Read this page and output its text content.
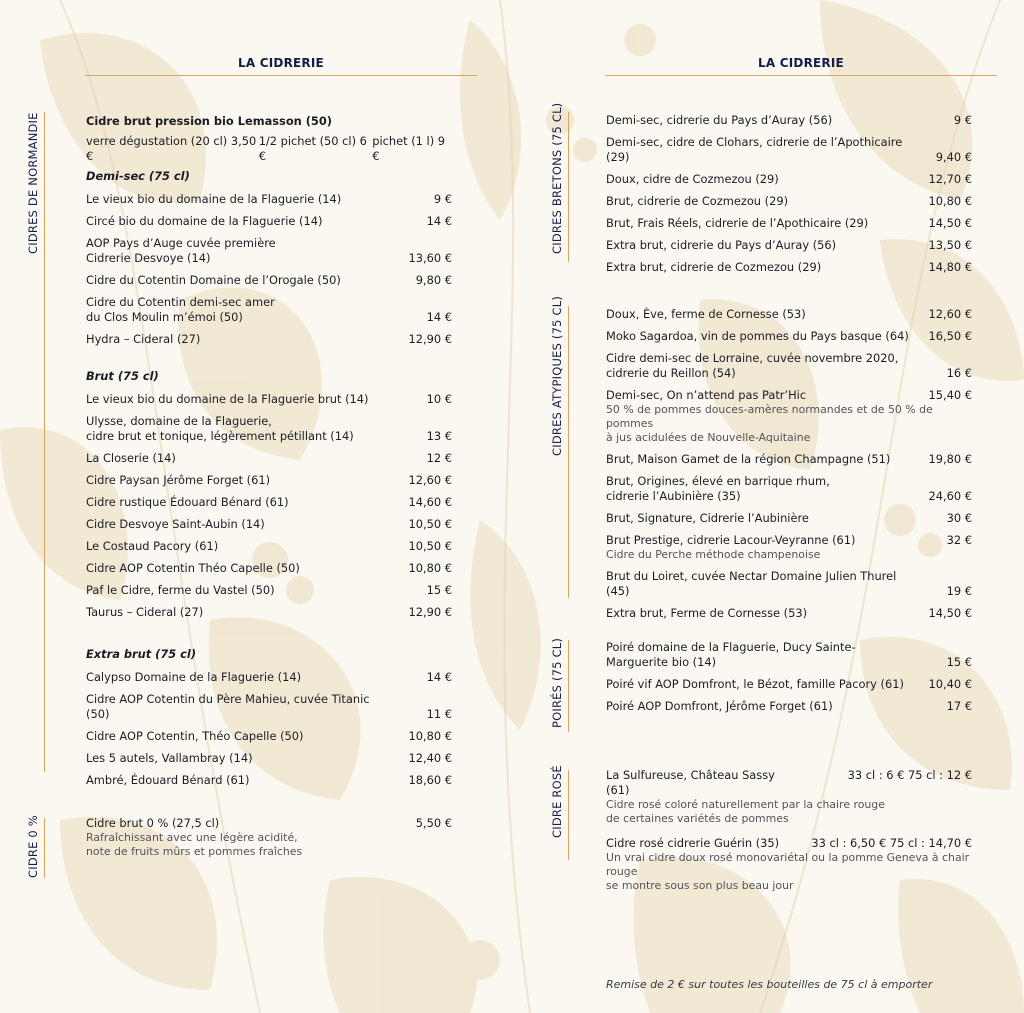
LA CIDRERIE
CIDRES DE NORMANDIE	Cidre brut pression bio Lemasson (50)
verre dégustation (20 cl) 3,50 €
1/2 pichet (50 cl) 6 €
pichet (1 l) 9 €
Demi-sec (75 cl)
Le vieux bio du domaine de la Flaguerie (14)	9 €
Circé bio du domaine de la Flaguerie (14)	14 €
AOP Pays d’Auge cuvée première
Cidrerie Desvoye (14)	13,60 €
Cidre du Cotentin Domaine de l’Orogale (50)	9,80 €
Cidre du Cotentin demi-sec amer
du Clos Moulin m’émoi (50)	14 €
Hydra – Cideral (27)	12,90 €
Brut (75 cl)
Le vieux bio du domaine de la Flaguerie brut (14)	10 €
Ulysse, domaine de la Flaguerie,
cidre brut et tonique, légèrement pétillant (14)	13 €
La Closerie (14)	12 €
Cidre Paysan Jérôme Forget (61)	12,60 €
Cidre rustique Édouard Bénard (61)	14,60 €
Cidre Desvoye Saint-Aubin (14)	10,50 €
Le Costaud Pacory (61)	10,50 €
Cidre AOP Cotentin Théo Capelle (50)	10,80 €
Paf le Cidre, ferme du Vastel (50)	15 €
Taurus – Cideral (27)	12,90 €
Extra brut (75 cl)
Calypso Domaine de la Flaguerie (14)	14 €
Cidre AOP Cotentin du Père Mahieu, cuvée Titanic (50)	11 €
Cidre AOP Cotentin, Théo Capelle (50)	10,80 €
Les 5 autels, Vallambray (14)	12,40 €
Ambré, Édouard Bénard (61)	18,60 €
CIDRE 0 %	Cidre brut 0 % (27,5 cl)	5,50 €
Rafraîchissant avec une légère acidité,
note de fruits mûrs et pommes fraîches
LA CIDRERIE
CIDRES BRETONS (75 CL)	Demi-sec, cidrerie du Pays d’Auray (56)	9 €
Demi-sec, cidre de Clohars, cidrerie de l’Apothicaire (29)	9,40 €
Doux, cidre de Cozmezou (29)	12,70 €
Brut, cidrerie de Cozmezou (29)	10,80 €
Brut, Frais Réels, cidrerie de l’Apothicaire (29)	14,50 €
Extra brut, cidrerie du Pays d’Auray (56)	13,50 €
Extra brut, cidrerie de Cozmezou (29)	14,80 €
CIDRES ATYPIQUES (75 CL)	Doux, Ève, ferme de Cornesse (53)	12,60 €
Moko Sagardoa, vin de pommes du Pays basque (64)	16,50 €
Cidre demi-sec de Lorraine, cuvée novembre 2020,
cidrerie du Reillon (54)	16 €
Demi-sec, On n’attend pas Patr’Hic	15,40 €
50 % de pommes douces-amères normandes et de 50 % de pommes
à jus acidulées de Nouvelle-Aquitaine
Brut, Maison Gamet de la région Champagne (51)	19,80 €
Brut, Origines, élevé en barrique rhum,
cidrerie l’Aubinière (35)	24,60 €
Brut, Signature, Cidrerie l’Aubinière	30 €
Brut Prestige, cidrerie Lacour-Veyranne (61)	32 €
Cidre du Perche méthode champenoise
Brut du Loiret, cuvée Nectar Domaine Julien Thurel (45)	19 €
Extra brut, Ferme de Cornesse (53)	14,50 €
POIRÉS (75 CL)	Poiré domaine de la Flaguerie, Ducy Sainte-Marguerite bio (14)	15 €
Poiré vif AOP Domfront, le Bézot, famille Pacory (61)	10,40 €
Poiré AOP Domfront, Jérôme Forget (61)	17 €
CIDRE ROSÉ	La Sulfureuse, Château Sassy (61)
33 cl : 6 € 75 cl : 12 €
Cidre rosé coloré naturellement par la chaire rouge
de certaines variétés de pommes
Cidre rosé cidrerie Guérin (35)	33 cl : 6,50 € 75 cl : 14,70 €
Un vrai cidre doux rosé monovariétal ou la pomme Geneva à chair rouge
se montre sous son plus beau jour
Remise de 2 € sur toutes les bouteilles de 75 cl à emporter
